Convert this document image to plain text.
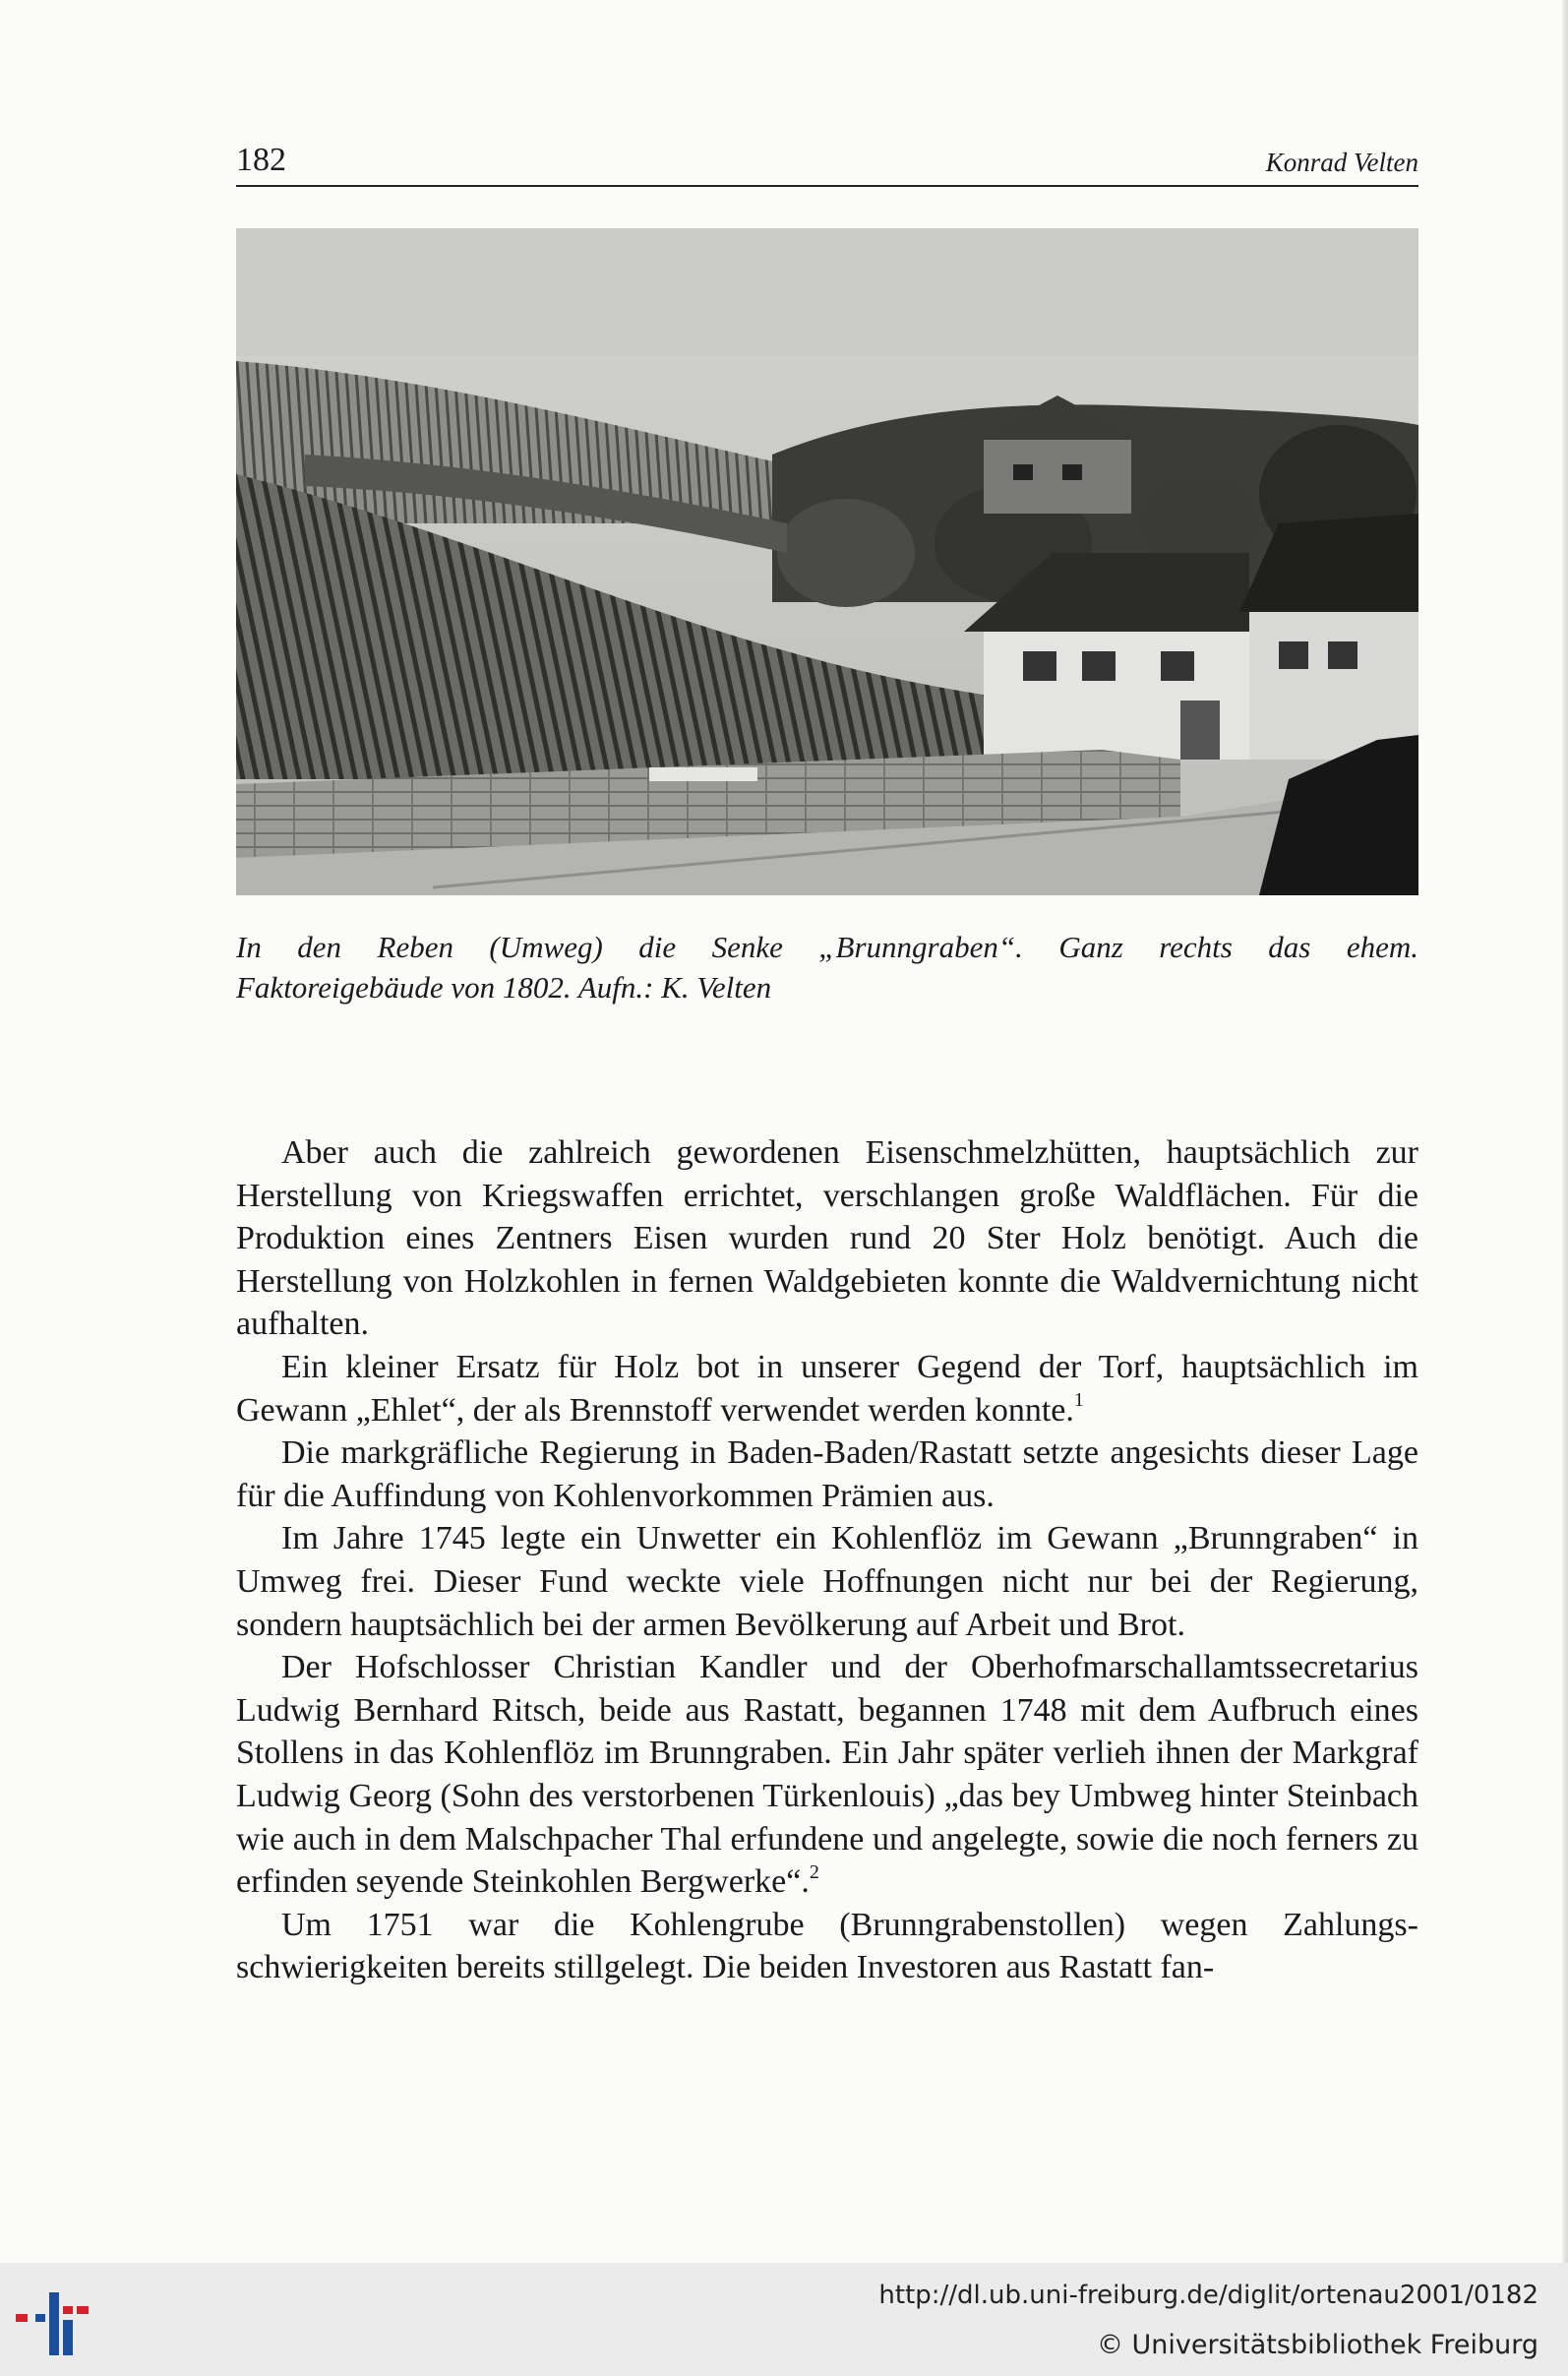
182	Konrad Velten
In den Reben (Umweg) die Senke „Brunngraben“. Ganz rechts das ehem.
Faktoreigebäude von 1802. Aufn.: K. Velten

Aber auch die zahlreich gewordenen Eisenschmelzhütten, hauptsächlich zur Herstellung von Kriegswaffen errichtet, verschlangen große Waldflächen. Für die Produktion eines Zentners Eisen wurden rund 20 Ster Holz benötigt. Auch die Herstellung von Holzkohlen in fernen Waldgebieten konnte die Waldvernichtung nicht aufhalten.

Ein kleiner Ersatz für Holz bot in unserer Gegend der Torf, hauptsächlich im Gewann „Ehlet“, der als Brennstoff verwendet werden konnte.$^1$

Die markgräfliche Regierung in Baden-Baden/Rastatt setzte angesichts dieser Lage für die Auffindung von Kohlenvorkommen Prämien aus.

Im Jahre 1745 legte ein Unwetter ein Kohlenflöz im Gewann „Brunngraben“ in Umweg frei. Dieser Fund weckte viele Hoffnungen nicht nur bei der Regierung, sondern hauptsächlich bei der armen Bevölkerung auf Arbeit und Brot.

Der Hofschlosser Christian Kandler und der Oberhofmarschallamtssecretarius Ludwig Bernhard Ritsch, beide aus Rastatt, begannen 1748 mit dem Aufbruch eines Stollens in das Kohlenflöz im Brunngraben. Ein Jahr später verlieh ihnen der Markgraf Ludwig Georg (Sohn des verstorbenen Türkenlouis) „das bey Umbweg hinter Steinbach wie auch in dem Malschpacher Thal erfundene und angelegte, sowie die noch ferners zu erfinden seyende Steinkohlen Bergwerke“.$^2$

Um 1751 war die Kohlengrube (Brunngrabenstollen) wegen Zahlungsschwierigkeiten bereits stillgelegt. Die beiden Investoren aus Rastatt fan-

http://dl.ub.uni-freiburg.de/diglit/ortenau2001/0182
© Universitätsbibliothek Freiburg
